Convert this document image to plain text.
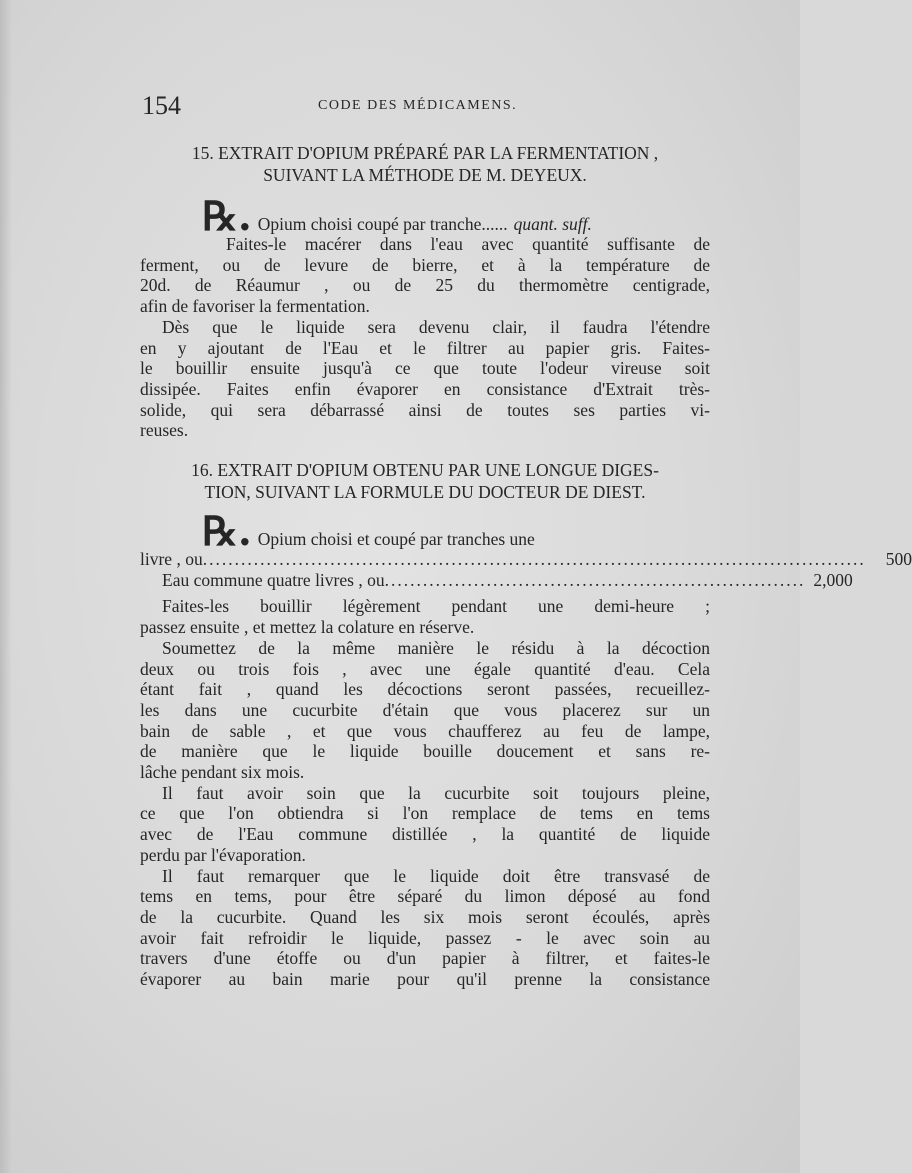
154	CODE DES MÉDICAMENS.
15. EXTRAIT D'OPIUM PRÉPARÉ PAR LA FERMENTATION ,
SUIVANT LA MÉTHODE DE M. DEYEUX.
℞. Opium choisi coupé par tranche...... quant. suff.
Faites-le macérer dans l'eau avec quantité suffisante de
ferment, ou de levure de bierre, et à la température de
20d. de Réaumur , ou de 25 du thermomètre centigrade,
afin de favoriser la fermentation.
Dès que le liquide sera devenu clair, il faudra l'étendre
en y ajoutant de l'Eau et le filtrer au papier gris. Faites-
le bouillir ensuite jusqu'à ce que toute l'odeur vireuse soit
dissipée. Faites enfin évaporer en consistance d'Extrait très-
solide, qui sera débarrassé ainsi de toutes ses parties vi-
reuses.
16. EXTRAIT D'OPIUM OBTENU PAR UNE LONGUE DIGES-
TION, SUIVANT LA FORMULE DU DOCTEUR DE DIEST.
℞. Opium choisi et coupé par tranches une
livre , ou ........................................................................................................	500
Eau commune quatre livres , ou .................................................................. 2,000
Faites-les bouillir légèrement pendant une demi-heure ;
passez ensuite , et mettez la colature en réserve.
Soumettez de la même manière le résidu à la décoction
deux ou trois fois , avec une égale quantité d'eau. Cela
étant fait , quand les décoctions seront passées, recueillez-
les dans une cucurbite d'étain que vous placerez sur un
bain de sable , et que vous chaufferez au feu de lampe,
de manière que le liquide bouille doucement et sans re-
lâche pendant six mois.
Il faut avoir soin que la cucurbite soit toujours pleine,
ce que l'on obtiendra si l'on remplace de tems en tems
avec de l'Eau commune distillée , la quantité de liquide
perdu par l'évaporation.
Il faut remarquer que le liquide doit être transvasé de
tems en tems, pour être séparé du limon déposé au fond
de la cucurbite. Quand les six mois seront écoulés, après
avoir fait refroidir le liquide, passez - le avec soin au
travers d'une étoffe ou d'un papier à filtrer, et faites-le
évaporer au bain marie pour qu'il prenne la consistance
